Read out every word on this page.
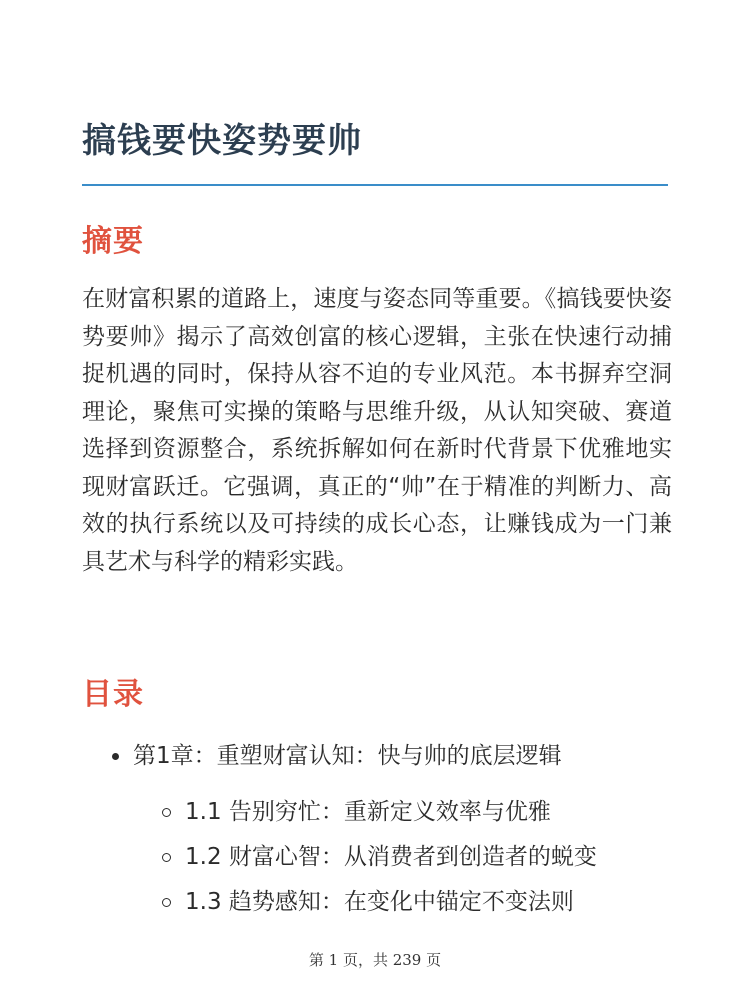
搞钱要快姿势要帅
摘要

在财富积累的道路上，速度与姿态同等重要。《搞钱要快姿势要帅》揭示了高效创富的核心逻辑，主张在快速行动捕捉机遇的同时，保持从容不迫的专业风范。本书摒弃空洞理论，聚焦可实操的策略与思维升级，从认知突破、赛道选择到资源整合，系统拆解如何在新时代背景下优雅地实现财富跃迁。它强调，真正的“帅”在于精准的判断力、高效的执行系统以及可持续的成长心态，让赚钱成为一门兼具艺术与科学的精彩实践。

目录
第1章：重塑财富认知：快与帅的底层逻辑
1.1 告别穷忙：重新定义效率与优雅
1.2 财富心智：从消费者到创造者的蜕变
1.3 趋势感知：在变化中锚定不变法则
第 1 页，共 239 页
